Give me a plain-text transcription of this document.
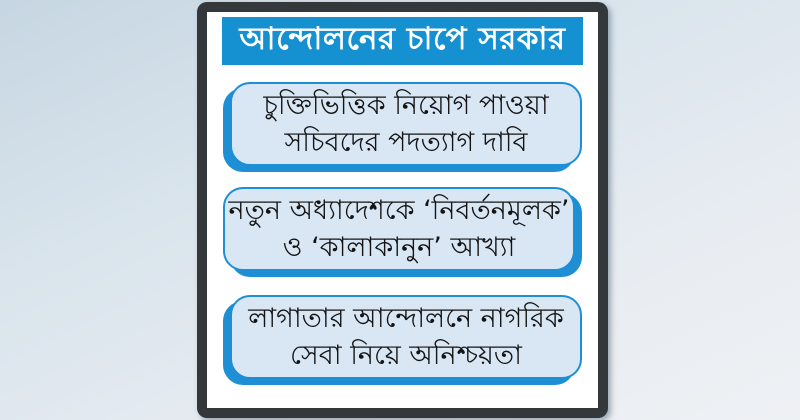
আন্দোলনের চাপে সরকার
চুক্তিভিত্তিক নিয়োগ পাওয়া
সচিবদের পদত্যাগ দাবি
নতুন অধ্যাদেশকে ‘নিবর্তনমূলক’
ও ‘কালাকানুন’ আখ্যা
লাগাতার আন্দোলনে নাগরিক
সেবা নিয়ে অনিশ্চয়তা
